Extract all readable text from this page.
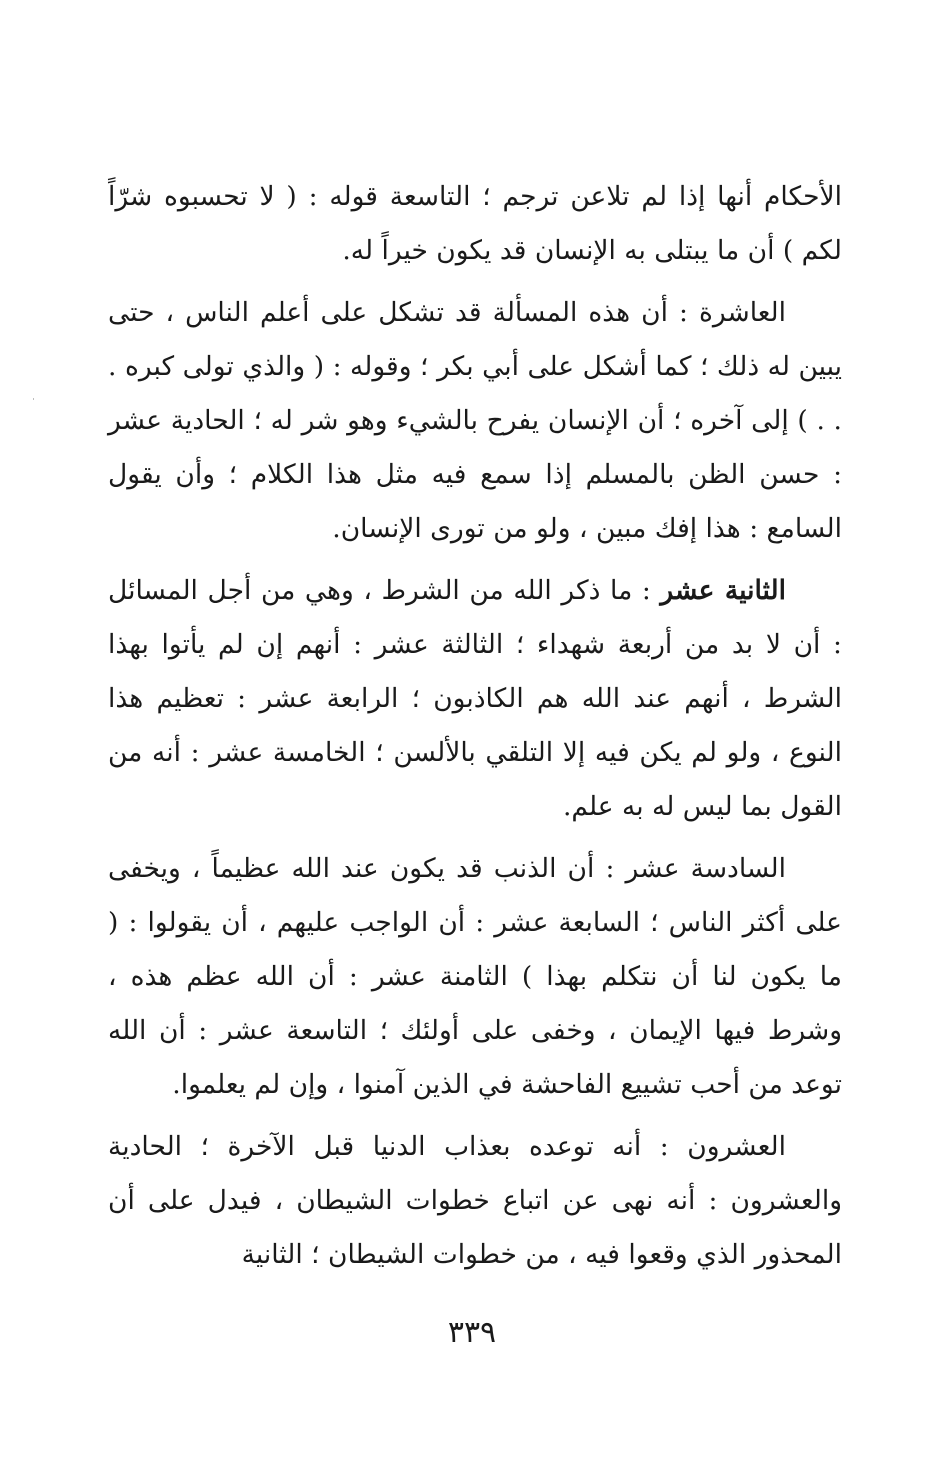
الأحكام أنها إذا لم تلاعن ترجم ؛ التاسعة قوله : ( لا تحسبوه شرّاً لكم ) أن ما يبتلى به الإنسان قد يكون خيراً له.

العاشرة : أن هذه المسألة قد تشكل على أعلم الناس ، حتى يبين له ذلك ؛ كما أشكل على أبي بكر ؛ وقوله : ( والذي تولى كبره . . . ) إلى آخره ؛ أن الإنسان يفرح بالشيء وهو شر له ؛ الحادية عشر : حسن الظن بالمسلم إذا سمع فيه مثل هذا الكلام ؛ وأن يقول السامع : هذا إفك مبين ، ولو من تورى الإنسان.

الثانية عشر : ما ذكر الله من الشرط ، وهي من أجل المسائل : أن لا بد من أربعة شهداء ؛ الثالثة عشر : أنهم إن لم يأتوا بهذا الشرط ، أنهم عند الله هم الكاذبون ؛ الرابعة عشر : تعظيم هذا النوع ، ولو لم يكن فيه إلا التلقي بالألسن ؛ الخامسة عشر : أنه من القول بما ليس له به علم.

السادسة عشر : أن الذنب قد يكون عند الله عظيماً ، ويخفى على أكثر الناس ؛ السابعة عشر : أن الواجب عليهم ، أن يقولوا : ( ما يكون لنا أن نتكلم بهذا ) الثامنة عشر : أن الله عظم هذه ، وشرط فيها الإيمان ، وخفى على أولئك ؛ التاسعة عشر : أن الله توعد من أحب تشييع الفاحشة في الذين آمنوا ، وإن لم يعلموا.

العشرون : أنه توعده بعذاب الدنيا قبل الآخرة ؛ الحادية والعشرون : أنه نهى عن اتباع خطوات الشيطان ، فيدل على أن المحذور الذي وقعوا فيه ، من خطوات الشيطان ؛ الثانية

٣٣٩
